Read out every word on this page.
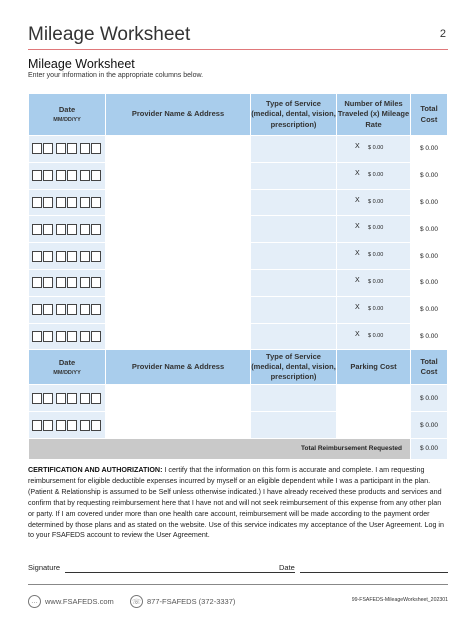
Mileage Worksheet	2
Mileage Worksheet
Enter your information in the appropriate columns below.
Date
MM/DD/YY	Provider Name & Address	Type of Service (medical, dental, vision, prescription)	Number of Miles Traveled (x) Mileage Rate	Total Cost

			X $ 0.00	$ 0.00

			X $ 0.00	$ 0.00

			X $ 0.00	$ 0.00

			X $ 0.00	$ 0.00

			X $ 0.00	$ 0.00

			X $ 0.00	$ 0.00

			X $ 0.00	$ 0.00

			X $ 0.00	$ 0.00
Date
MM/DD/YY	Provider Name & Address	Type of Service (medical, dental, vision, prescription)	Parking Cost	Total Cost

				$ 0.00

				$ 0.00
Total Reimbursement Requested				$ 0.00
CERTIFICATION AND AUTHORIZATION: I certify that the information on this form is accurate and complete. I am requesting reimbursement for eligible deductible expenses incurred by myself or an eligible dependent while I was a participant in the plan. (Patient & Relationship is assumed to be Self unless otherwise indicated.) I have already received these products and services and confirm that by requesting reimbursement here that I have not and will not seek reimbursement of this expense from any other plan or party. If I am covered under more than one health care account, reimbursement will be made according to the payment order determined by those plans and as stated on the website. Use of this service indicates my acceptance of the User Agreement. Log in to your FSAFEDS account to review the User Agreement.
Signature	Date
… www.FSAFEDS.com	☏ 877-FSAFEDS (372-3337)	99-FSAFEDS-MileageWorksheet_202301
